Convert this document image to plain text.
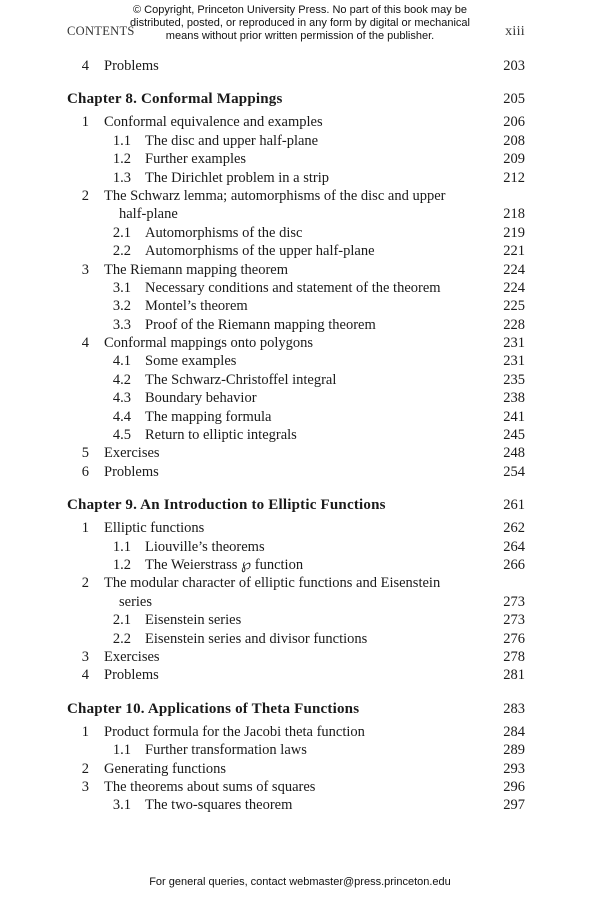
© Copyright, Princeton University Press. No part of this book may be
distributed, posted, or reproduced in any form by digital or mechanical
means without prior written permission of the publisher.
CONTENTS	xiii
4 Problems	203
Chapter 8. Conformal Mappings	205
1 Conformal equivalence and examples	206
1.1 The disc and upper half-plane	208
1.2 Further examples	209
1.3 The Dirichlet problem in a strip	212
2 The Schwarz lemma; automorphisms of the disc and upper
half-plane	218
2.1 Automorphisms of the disc	219
2.2 Automorphisms of the upper half-plane	221
3 The Riemann mapping theorem	224
3.1 Necessary conditions and statement of the theorem	224
3.2 Montel’s theorem	225
3.3 Proof of the Riemann mapping theorem	228
4 Conformal mappings onto polygons	231
4.1 Some examples	231
4.2 The Schwarz-Christoffel integral	235
4.3 Boundary behavior	238
4.4 The mapping formula	241
4.5 Return to elliptic integrals	245
5 Exercises	248
6 Problems	254
Chapter 9. An Introduction to Elliptic Functions	261
1 Elliptic functions	262
1.1 Liouville’s theorems	264
1.2 The Weierstrass ℘ function	266
2 The modular character of elliptic functions and Eisenstein
series	273
2.1 Eisenstein series	273
2.2 Eisenstein series and divisor functions	276
3 Exercises	278
4 Problems	281
Chapter 10. Applications of Theta Functions	283
1 Product formula for the Jacobi theta function	284
1.1 Further transformation laws	289
2 Generating functions	293
3 The theorems about sums of squares	296
3.1 The two-squares theorem	297
For general queries, contact webmaster@press.princeton.edu
